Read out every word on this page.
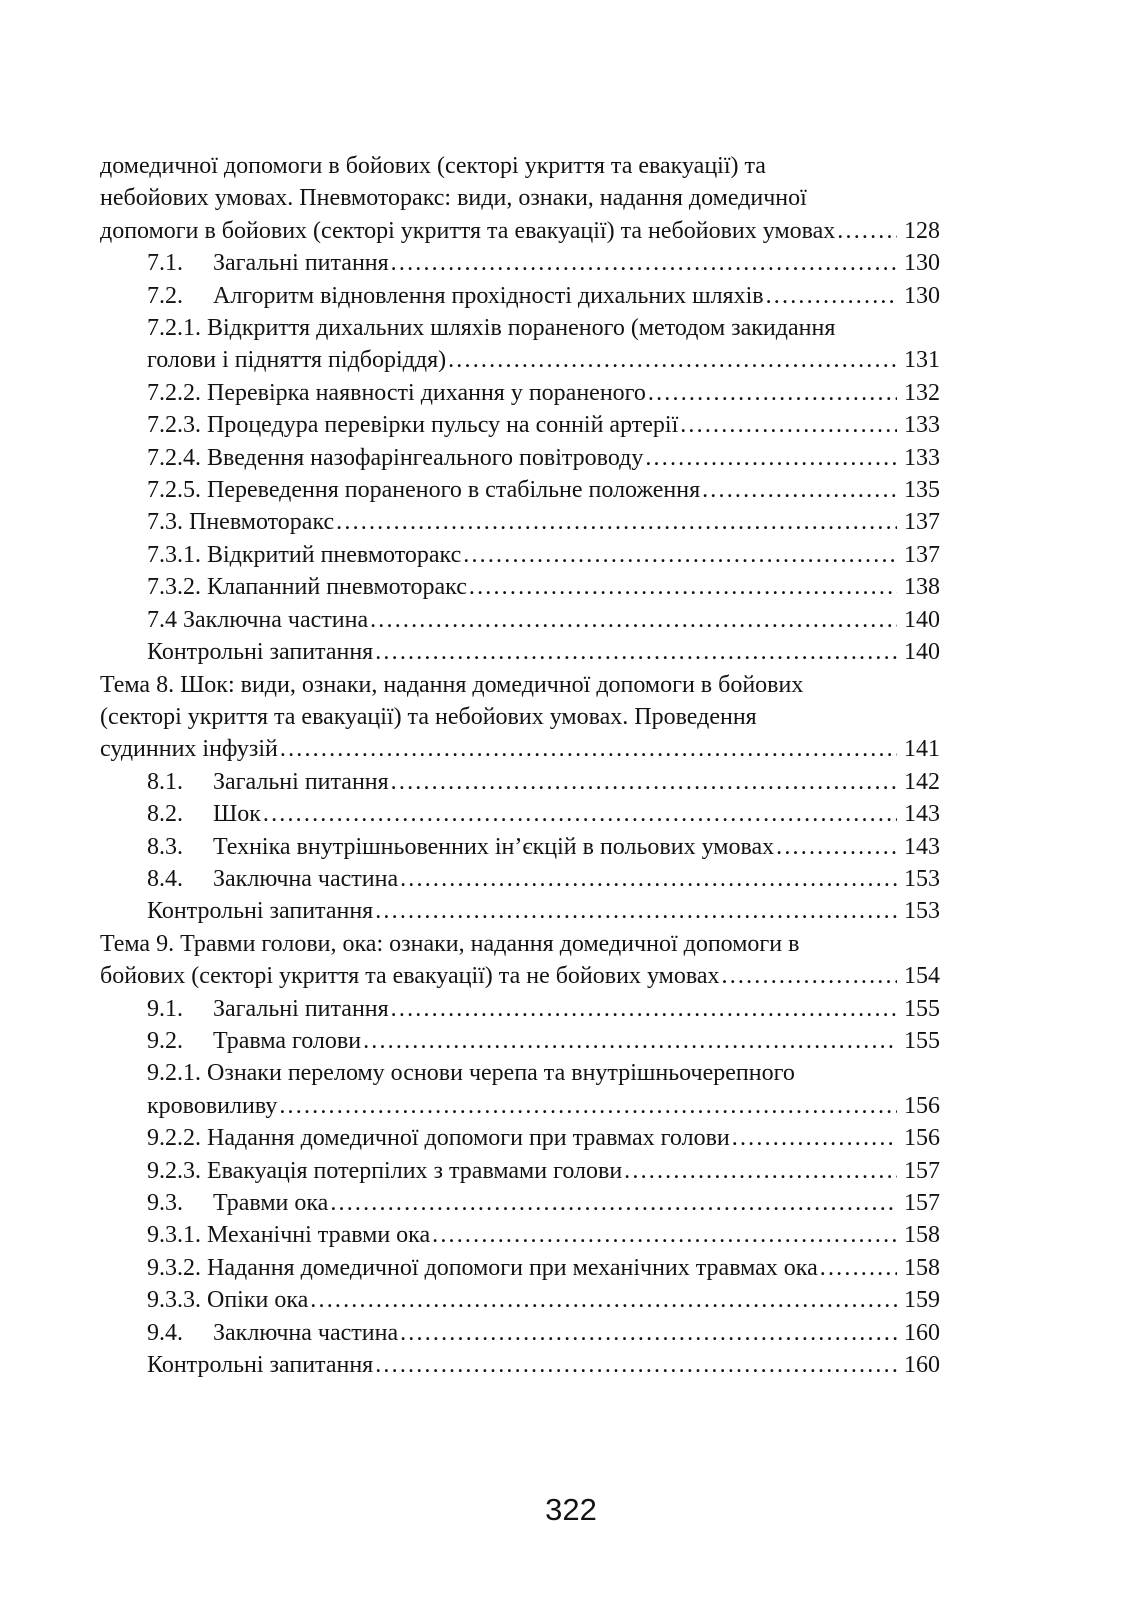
домедичної допомоги в бойових (секторі укриття та евакуації) та
небойових умовах. Пневмоторакс: види, ознаки, надання домедичної
допомоги в бойових (секторі укриття та евакуації) та небойових умовах .....	128
7.1.	Загальні питання .....	130
7.2.	Алгоритм відновлення прохідності дихальних шляхів .....	130
7.2.1. Відкриття дихальних шляхів пораненого (методом закидання
голови і підняття підборіддя) .....	131
7.2.2. Перевірка наявності дихання у пораненого .....	132
7.2.3. Процедура перевірки пульсу на сонній артерії .....	133
7.2.4. Введення назофарінгеального повітроводу .....	133
7.2.5. Переведення пораненого в стабільне положення .....	135
7.3. Пневмоторакс .....	137
7.3.1. Відкритий пневмоторакс .....	137
7.3.2. Клапанний пневмоторакс .....	138
7.4 Заключна частина .....	140
Контрольні запитання .....	140
Тема 8. Шок: види, ознаки, надання домедичної допомоги в бойових
(секторі укриття та евакуації) та небойових умовах. Проведення
судинних інфузій .....	141
8.1.	Загальні питання .....	142
8.2.	Шок .....	143
8.3.	Техніка внутрішньовенних ін’єкцій в польових умовах .....	143
8.4.	Заключна частина .....	153
Контрольні запитання .....	153
Тема 9. Травми голови, ока: ознаки, надання домедичної допомоги в
бойових (секторі укриття та евакуації) та не бойових умовах .....	154
9.1.	Загальні питання .....	155
9.2.	Травма голови .....	155
9.2.1. Ознаки перелому основи черепа та внутрішньочерепного
крововиливу .....	156
9.2.2. Надання домедичної допомоги при травмах голови .....	156
9.2.3. Евакуація потерпілих з травмами голови .....	157
9.3.	Травми ока .....	157
9.3.1. Механічні травми ока .....	158
9.3.2. Надання домедичної допомоги при механічних травмах ока .....	158
9.3.3. Опіки ока .....	159
9.4.	Заключна частина .....	160
Контрольні запитання .....	160
322
